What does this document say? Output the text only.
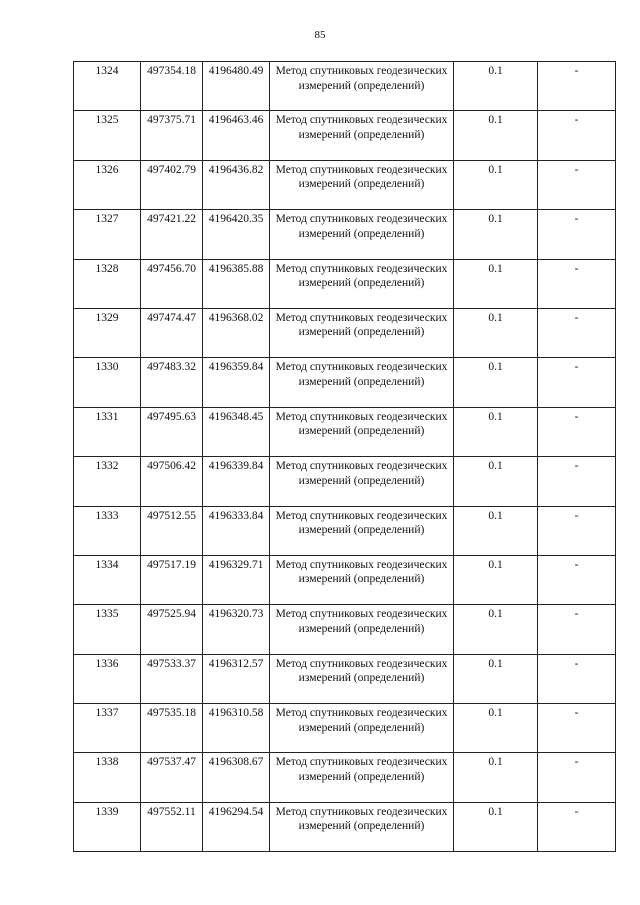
85
1324	497354.18	4196480.49	Метод спутниковых геодезических измерений (определений)	0.1	-
1325	497375.71	4196463.46	Метод спутниковых геодезических измерений (определений)	0.1	-
1326	497402.79	4196436.82	Метод спутниковых геодезических измерений (определений)	0.1	-
1327	497421.22	4196420.35	Метод спутниковых геодезических измерений (определений)	0.1	-
1328	497456.70	4196385.88	Метод спутниковых геодезических измерений (определений)	0.1	-
1329	497474.47	4196368.02	Метод спутниковых геодезических измерений (определений)	0.1	-
1330	497483.32	4196359.84	Метод спутниковых геодезических измерений (определений)	0.1	-
1331	497495.63	4196348.45	Метод спутниковых геодезических измерений (определений)	0.1	-
1332	497506.42	4196339.84	Метод спутниковых геодезических измерений (определений)	0.1	-
1333	497512.55	4196333.84	Метод спутниковых геодезических измерений (определений)	0.1	-
1334	497517.19	4196329.71	Метод спутниковых геодезических измерений (определений)	0.1	-
1335	497525.94	4196320.73	Метод спутниковых геодезических измерений (определений)	0.1	-
1336	497533.37	4196312.57	Метод спутниковых геодезических измерений (определений)	0.1	-
1337	497535.18	4196310.58	Метод спутниковых геодезических измерений (определений)	0.1	-
1338	497537.47	4196308.67	Метод спутниковых геодезических измерений (определений)	0.1	-
1339	497552.11	4196294.54	Метод спутниковых геодезических измерений (определений)	0.1	-
